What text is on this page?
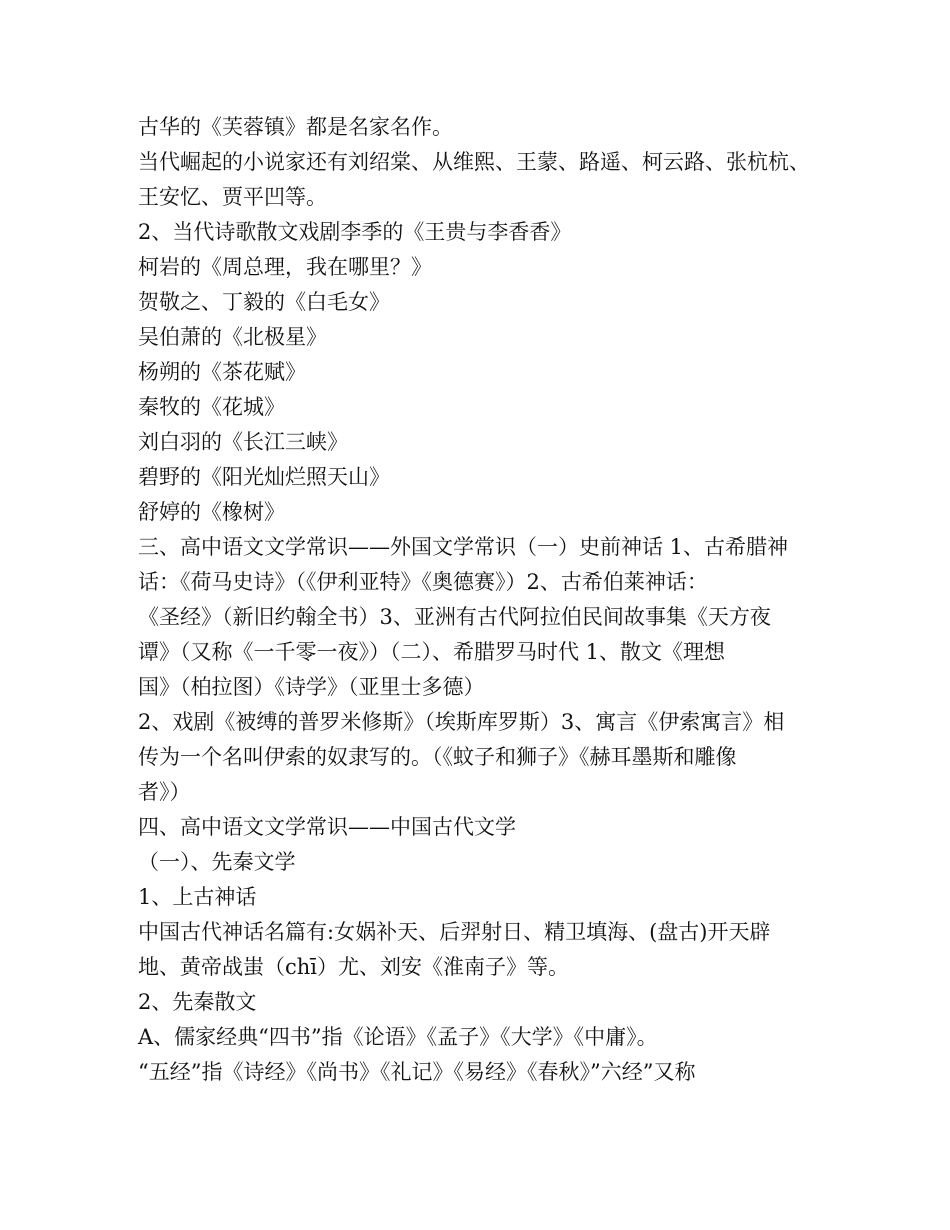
古华的《芙蓉镇》都是名家名作。
当代崛起的小说家还有刘绍棠、从维熙、王蒙、路遥、柯云路、张杭杭、
王安忆、贾平凹等。
2、当代诗歌散文戏剧李季的《王贵与李香香》
柯岩的《周总理，我在哪里？》
贺敬之、丁毅的《白毛女》
吴伯萧的《北极星》
杨朔的《茶花赋》
秦牧的《花城》
刘白羽的《长江三峡》
碧野的《阳光灿烂照天山》
舒婷的《橡树》
三、高中语文文学常识——外国文学常识（一）史前神话 1、古希腊神
话：《荷马史诗》（《伊利亚特》《奥德赛》）2、古希伯莱神话：
《圣经》（新旧约翰全书）3、亚洲有古代阿拉伯民间故事集《天方夜
谭》（又称《一千零一夜》）（二）、希腊罗马时代 1、散文《理想
国》（柏拉图）《诗学》（亚里士多德）
2、戏剧《被缚的普罗米修斯》（埃斯库罗斯）3、寓言《伊索寓言》相
传为一个名叫伊索的奴隶写的。（《蚊子和狮子》《赫耳墨斯和雕像
者》）
四、高中语文文学常识——中国古代文学
（一）、先秦文学
1、上古神话
中国古代神话名篇有:女娲补天、后羿射日、精卫填海、(盘古)开天辟
地、黄帝战蚩（chī）尤、刘安《淮南子》等。
2、先秦散文
A、儒家经典“四书”指《论语》《孟子》《大学》《中庸》。
“五经”指《诗经》《尚书》《礼记》《易经》《春秋》”六经”又称
